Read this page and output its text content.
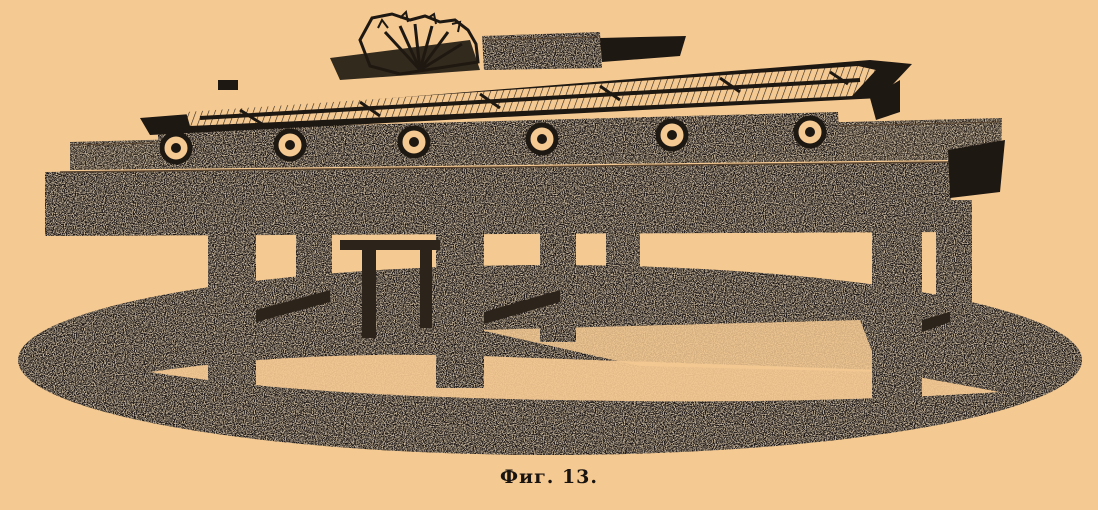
Фиг. 13.
